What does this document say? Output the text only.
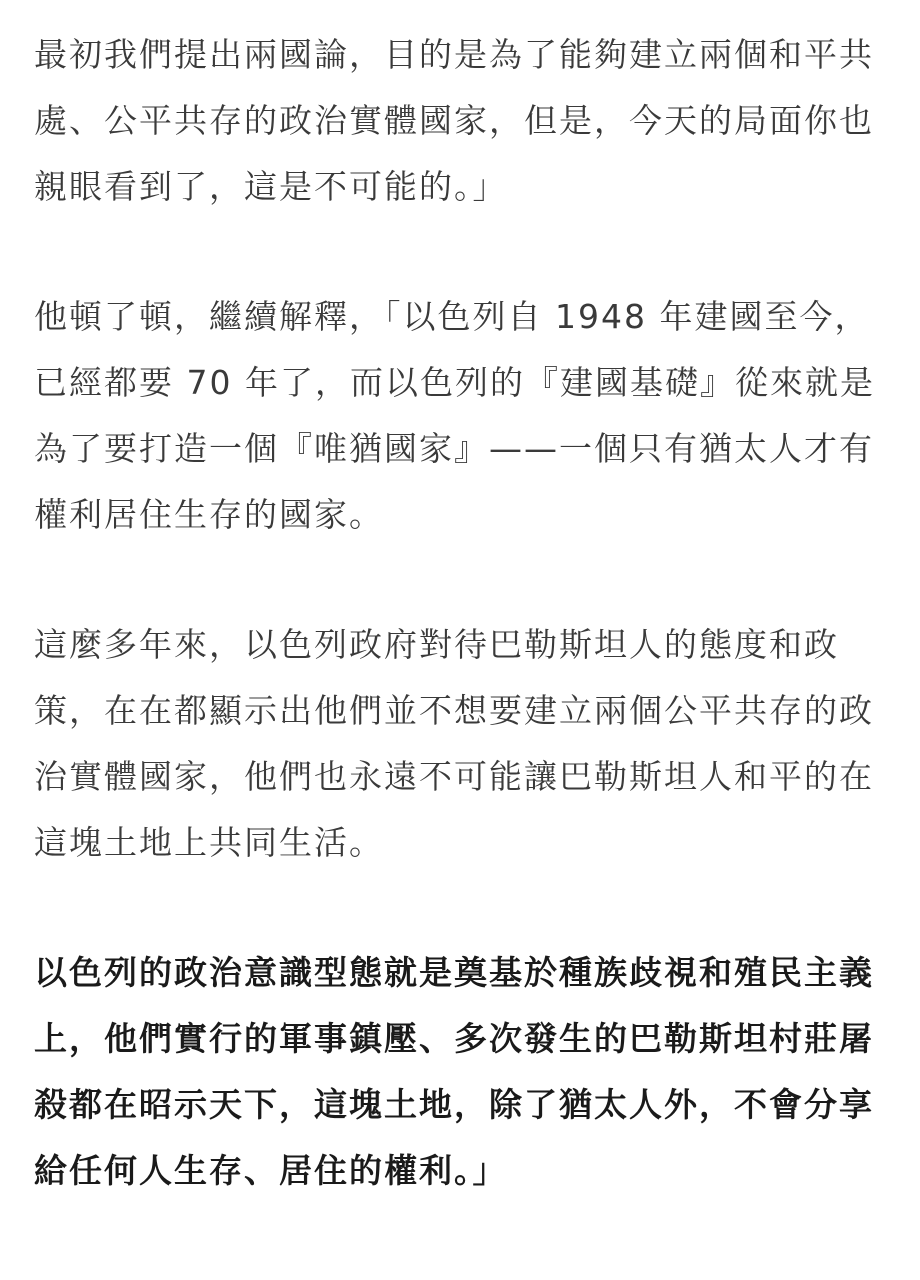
最初我們提出兩國論，目的是為了能夠建立兩個和平共處、公平共存的政治實體國家，但是，今天的局面你也親眼看到了，這是不可能的。」

他頓了頓，繼續解釋，「以色列自 1948 年建國至今，已經都要 70 年了，而以色列的『建國基礎』從來就是為了要打造一個『唯猶國家』——一個只有猶太人才有權利居住生存的國家。

這麼多年來，以色列政府對待巴勒斯坦人的態度和政策，在在都顯示出他們並不想要建立兩個公平共存的政治實體國家，他們也永遠不可能讓巴勒斯坦人和平的在這塊土地上共同生活。

以色列的政治意識型態就是奠基於種族歧視和殖民主義上，他們實行的軍事鎮壓、多次發生的巴勒斯坦村莊屠殺都在昭示天下，這塊土地，除了猶太人外，不會分享給任何人生存、居住的權利。」
